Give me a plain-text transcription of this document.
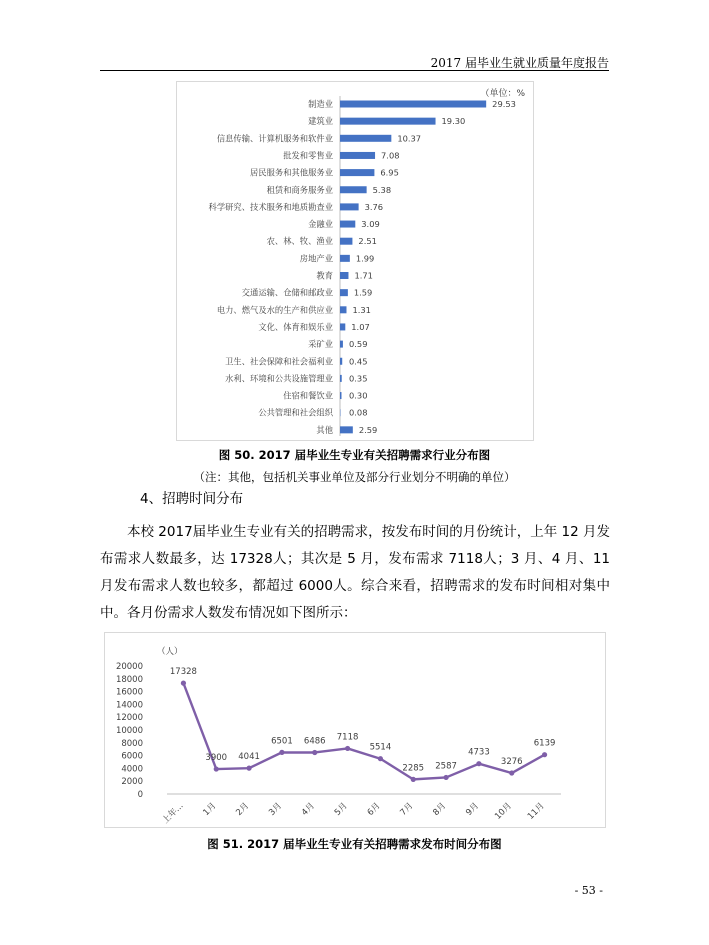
2017 届毕业生就业质量年度报告
（单位：%
制造业	29.53
建筑业	19.30
信息传输、计算机服务和软件业	10.37
批发和零售业	7.08
居民服务和其他服务业	6.95
租赁和商务服务业	5.38
科学研究、技术服务和地质勘查业	3.76
金融业	3.09
农、林、牧、渔业	2.51
房地产业	1.99
教育	1.71
交通运输、仓储和邮政业	1.59
电力、燃气及水的生产和供应业 1.31
文化、体育和娱乐业 1.07
采矿业 0.59
卫生、社会保障和社会福利业 0.45
水利、环境和公共设施管理业 0.35
住宿和餐饮业 0.30
公共管理和社会组织 0.08
其他	2.59
图 50. 2017 届毕业生专业有关招聘需求行业分布图
（注：其他，包括机关事业单位及部分行业划分不明确的单位）
4、招聘时间分布
本校 2017届毕业生专业有关的招聘需求，按发布时间的月份统计，上年 12 月发布需求人数最多，达 17328人；其次是 5 月，发布需求 7118人；3 月、4 月、11 月发布需求人数也较多，都超过 6000人。综合来看，招聘需求的发布时间相对集中中。各月份需求人数发布情况如下图所示：
（人）
0
2000
4000
6000
8000
10000
12000
14000
16000
18000
20000
17328
上年...
3900
1月
4041
2月
6501
3月
6486
4月
7118
5月
5514
6月
2285
7月
2587
8月
4733
9月
3276
10月
6139
11月
图 51. 2017 届毕业生专业有关招聘需求发布时间分布图
- 53 -
